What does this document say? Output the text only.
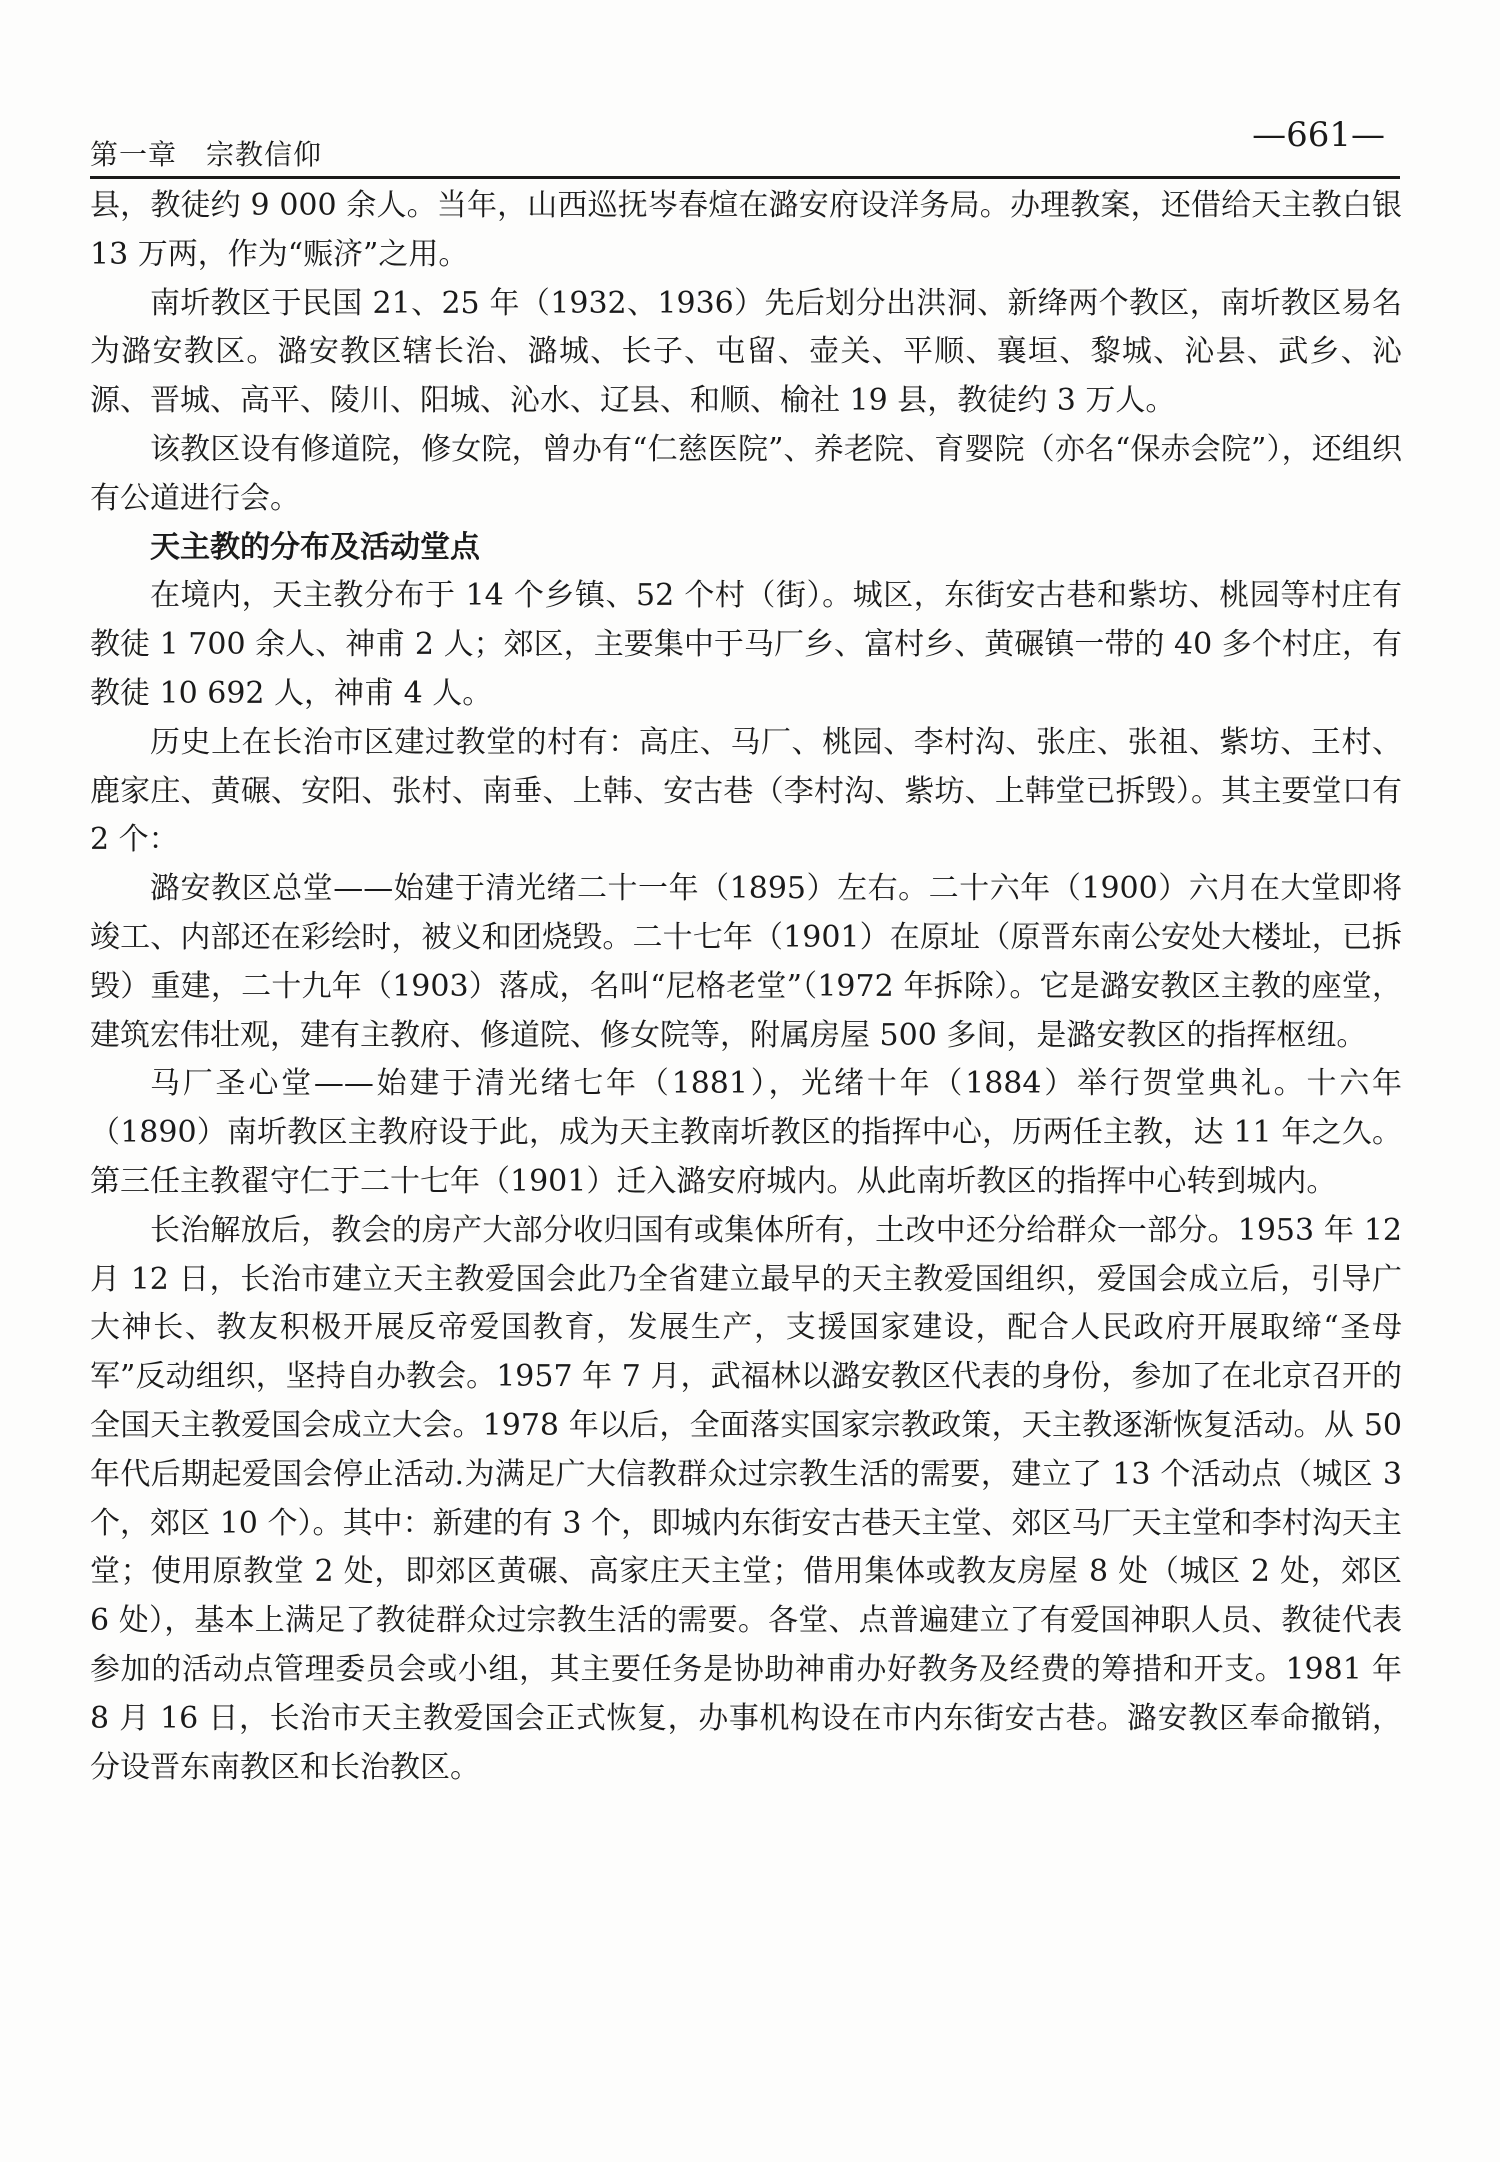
第一章　宗教信仰	—661—

县，教徒约 9 000 余人。当年，山西巡抚岑春煊在潞安府设洋务局。办理教案，还借给天主教白银 13 万两，作为“赈济”之用。

南圻教区于民国 21、25 年（1932、1936）先后划分出洪洞、新绛两个教区，南圻教区易名为潞安教区。潞安教区辖长治、潞城、长子、屯留、壶关、平顺、襄垣、黎城、沁县、武乡、沁源、晋城、高平、陵川、阳城、沁水、辽县、和顺、榆社 19 县，教徒约 3 万人。

该教区设有修道院，修女院，曾办有“仁慈医院”、养老院、育婴院（亦名“保赤会院”），还组织有公道进行会。

天主教的分布及活动堂点

在境内，天主教分布于 14 个乡镇、52 个村（街）。城区，东街安古巷和紫坊、桃园等村庄有教徒 1 700 余人、神甫 2 人；郊区，主要集中于马厂乡、富村乡、黄碾镇一带的 40 多个村庄，有教徒 10 692 人，神甫 4 人。

历史上在长治市区建过教堂的村有：高庄、马厂、桃园、李村沟、张庄、张祖、紫坊、王村、鹿家庄、黄碾、安阳、张村、南垂、上韩、安古巷（李村沟、紫坊、上韩堂已拆毁）。其主要堂口有 2 个：

潞安教区总堂——始建于清光绪二十一年（1895）左右。二十六年（1900）六月在大堂即将竣工、内部还在彩绘时，被义和团烧毁。二十七年（1901）在原址（原晋东南公安处大楼址，已拆毁）重建，二十九年（1903）落成，名叫“尼格老堂”（1972 年拆除）。它是潞安教区主教的座堂，建筑宏伟壮观，建有主教府、修道院、修女院等，附属房屋 500 多间，是潞安教区的指挥枢纽。

马厂圣心堂——始建于清光绪七年（1881），光绪十年（1884）举行贺堂典礼。十六年（1890）南圻教区主教府设于此，成为天主教南圻教区的指挥中心，历两任主教，达 11 年之久。第三任主教翟守仁于二十七年（1901）迁入潞安府城内。从此南圻教区的指挥中心转到城内。

长治解放后，教会的房产大部分收归国有或集体所有，土改中还分给群众一部分。1953 年 12 月 12 日，长治市建立天主教爱国会此乃全省建立最早的天主教爱国组织，爱国会成立后，引导广大神长、教友积极开展反帝爱国教育，发展生产，支援国家建设，配合人民政府开展取缔“圣母军”反动组织，坚持自办教会。1957 年 7 月，武福林以潞安教区代表的身份，参加了在北京召开的全国天主教爱国会成立大会。1978 年以后，全面落实国家宗教政策，天主教逐渐恢复活动。从 50 年代后期起爱国会停止活动.为满足广大信教群众过宗教生活的需要，建立了 13 个活动点（城区 3 个，郊区 10 个）。其中：新建的有 3 个，即城内东街安古巷天主堂、郊区马厂天主堂和李村沟天主堂；使用原教堂 2 处，即郊区黄碾、高家庄天主堂；借用集体或教友房屋 8 处（城区 2 处，郊区 6 处），基本上满足了教徒群众过宗教生活的需要。各堂、点普遍建立了有爱国神职人员、教徒代表参加的活动点管理委员会或小组，其主要任务是协助神甫办好教务及经费的筹措和开支。1981 年 8 月 16 日，长治市天主教爱国会正式恢复，办事机构设在市内东街安古巷。潞安教区奉命撤销，分设晋东南教区和长治教区。
